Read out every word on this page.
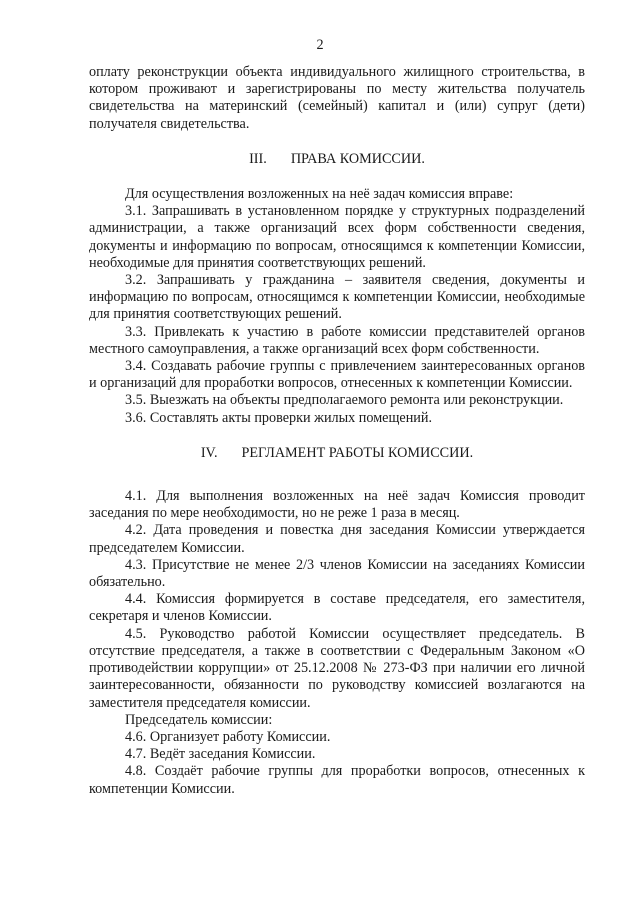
2

оплату реконструкции объекта индивидуального жилищного строительства, в котором проживают и зарегистрированы по месту жительства получатель свидетельства на материнский (семейный) капитал и (или) супруг (дети) получателя свидетельства.

III. ПРАВА КОМИССИИ.

Для осуществления возложенных на неё задач комиссия вправе:

3.1. Запрашивать в установленном порядке у структурных подразделений администрации, а также организаций всех форм собственности сведения, документы и информацию по вопросам, относящимся к компетенции Комиссии, необходимые для принятия соответствующих решений.

3.2. Запрашивать у гражданина – заявителя сведения, документы и информацию по вопросам, относящимся к компетенции Комиссии, необходимые для принятия соответствующих решений.

3.3. Привлекать к участию в работе комиссии представителей органов местного самоуправления, а также организаций всех форм собственности.

3.4. Создавать рабочие группы с привлечением заинтересованных органов и организаций для проработки вопросов, отнесенных к компетенции Комиссии.

3.5. Выезжать на объекты предполагаемого ремонта или реконструкции.

3.6. Составлять акты проверки жилых помещений.

IV. РЕГЛАМЕНТ РАБОТЫ КОМИССИИ.

4.1. Для выполнения возложенных на неё задач Комиссия проводит заседания по мере необходимости, но не реже 1 раза в месяц.

4.2. Дата проведения и повестка дня заседания Комиссии утверждается председателем Комиссии.

4.3. Присутствие не менее 2/3 членов Комиссии на заседаниях Комиссии обязательно.

4.4. Комиссия формируется в составе председателя, его заместителя, секретаря и членов Комиссии.

4.5. Руководство работой Комиссии осуществляет председатель. В отсутствие председателя, а также в соответствии с Федеральным Законом «О противодействии коррупции» от 25.12.2008 № 273-ФЗ при наличии его личной заинтересованности, обязанности по руководству комиссией возлагаются на заместителя председателя комиссии.

Председатель комиссии:

4.6. Организует работу Комиссии.

4.7. Ведёт заседания Комиссии.

4.8. Создаёт рабочие группы для проработки вопросов, отнесенных к компетенции Комиссии.
